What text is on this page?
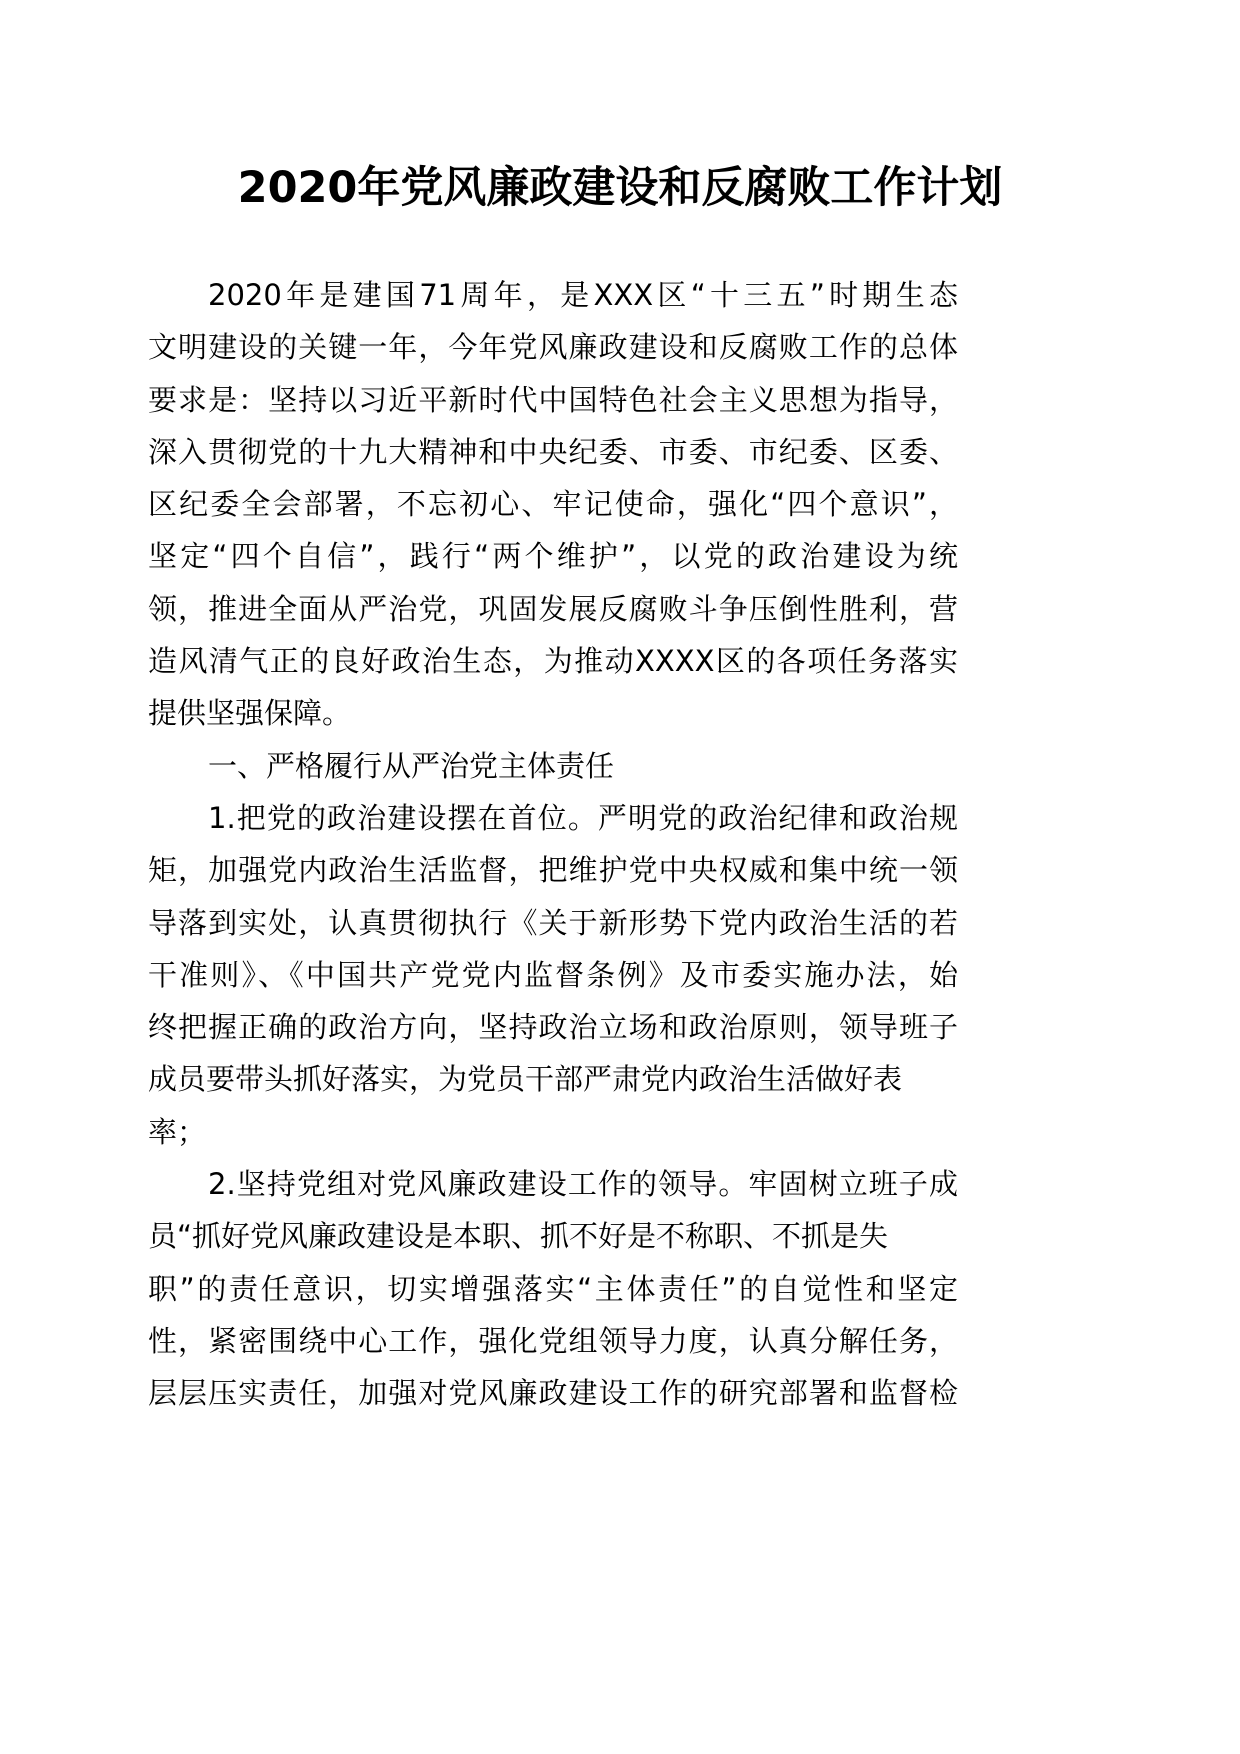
2020年党风廉政建设和反腐败工作计划
2020年是建国71周年，是XXX区“十三五”时期生态
文明建设的关键一年，今年党风廉政建设和反腐败工作的总体
要求是：坚持以习近平新时代中国特色社会主义思想为指导，
深入贯彻党的十九大精神和中央纪委、市委、市纪委、区委、
区纪委全会部署，不忘初心、牢记使命，强化“四个意识”，
坚定“四个自信”，践行“两个维护”，以党的政治建设为统
领，推进全面从严治党，巩固发展反腐败斗争压倒性胜利，营
造风清气正的良好政治生态，为推动XXXX区的各项任务落实
提供坚强保障。
一、严格履行从严治党主体责任
1.把党的政治建设摆在首位。严明党的政治纪律和政治规
矩，加强党内政治生活监督，把维护党中央权威和集中统一领
导落到实处，认真贯彻执行《关于新形势下党内政治生活的若
干准则》、《中国共产党党内监督条例》及市委实施办法，始
终把握正确的政治方向，坚持政治立场和政治原则，领导班子
成员要带头抓好落实，为党员干部严肃党内政治生活做好表
率；
2.坚持党组对党风廉政建设工作的领导。牢固树立班子成
员“抓好党风廉政建设是本职、抓不好是不称职、不抓是失
职”的责任意识，切实增强落实“主体责任”的自觉性和坚定
性，紧密围绕中心工作，强化党组领导力度，认真分解任务，
层层压实责任，加强对党风廉政建设工作的研究部署和监督检
